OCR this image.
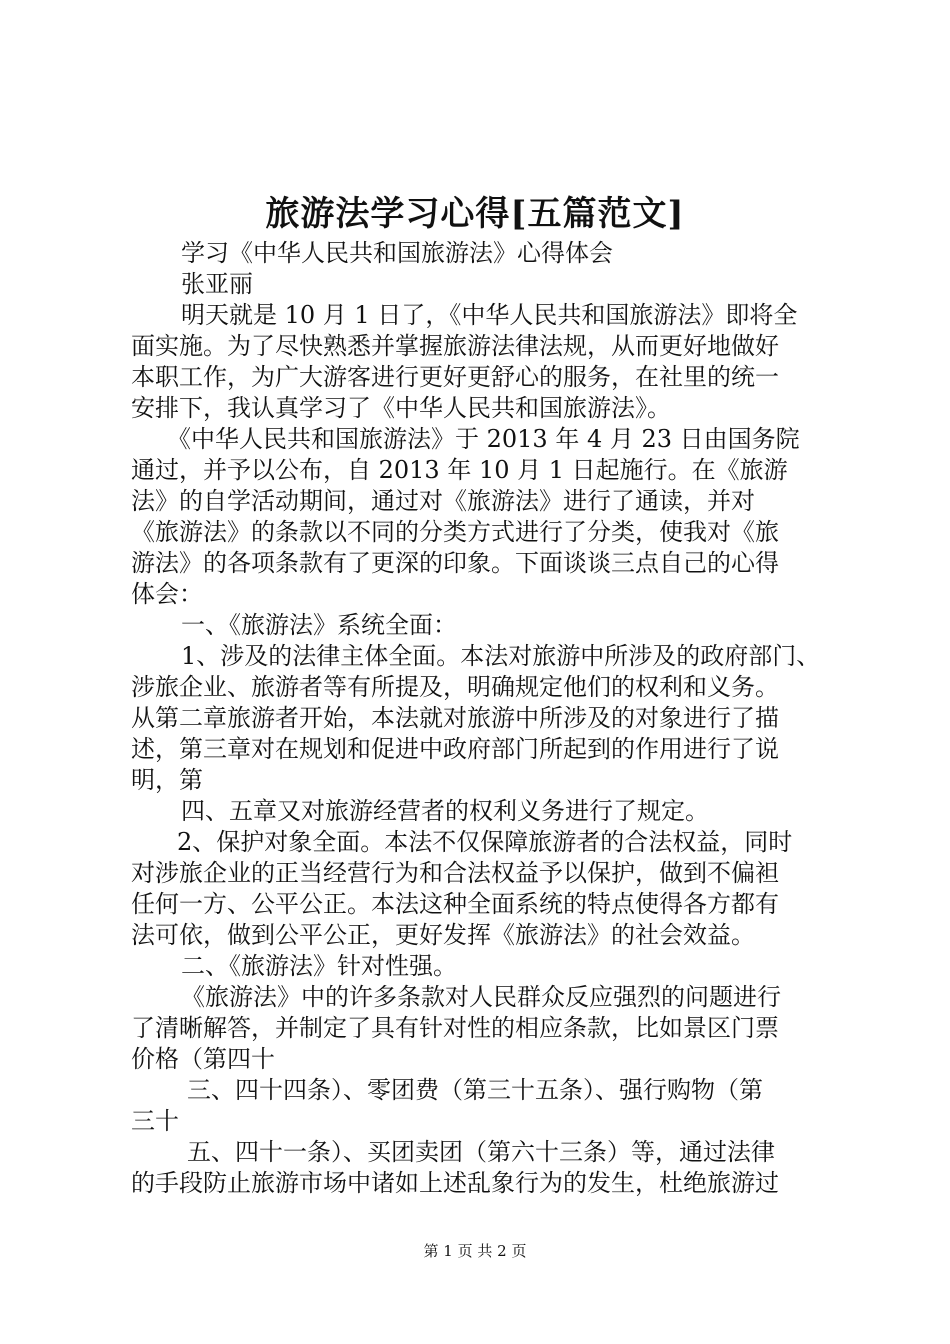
旅游法学习心得[五篇范文]
学习《中华人民共和国旅游法》心得体会
张亚丽
明天就是 10 月 1 日了，《中华人民共和国旅游法》即将全
面实施。为了尽快熟悉并掌握旅游法律法规，从而更好地做好
本职工作，为广大游客进行更好更舒心的服务，在社里的统一
安排下，我认真学习了《中华人民共和国旅游法》。
《中华人民共和国旅游法》于 2013 年 4 月 23 日由国务院
通过，并予以公布，自 2013 年 10 月 1 日起施行。在《旅游
法》的自学活动期间，通过对《旅游法》进行了通读，并对
《旅游法》的条款以不同的分类方式进行了分类，使我对《旅
游法》的各项条款有了更深的印象。下面谈谈三点自己的心得
体会：
一、《旅游法》系统全面：
1、涉及的法律主体全面。本法对旅游中所涉及的政府部门、
涉旅企业、旅游者等有所提及，明确规定他们的权利和义务。
从第二章旅游者开始，本法就对旅游中所涉及的对象进行了描
述，第三章对在规划和促进中政府部门所起到的作用进行了说
明，第
四、五章又对旅游经营者的权利义务进行了规定。
2、保护对象全面。本法不仅保障旅游者的合法权益，同时
对涉旅企业的正当经营行为和合法权益予以保护，做到不偏袒
任何一方、公平公正。本法这种全面系统的特点使得各方都有
法可依，做到公平公正，更好发挥《旅游法》的社会效益。
二、《旅游法》针对性强。
《旅游法》中的许多条款对人民群众反应强烈的问题进行
了清晰解答，并制定了具有针对性的相应条款，比如景区门票
价格（第四十
三、四十四条）、零团费（第三十五条）、强行购物（第
三十
五、四十一条）、买团卖团（第六十三条）等，通过法律
的手段防止旅游市场中诸如上述乱象行为的发生，杜绝旅游过
第 1 页 共 2 页
